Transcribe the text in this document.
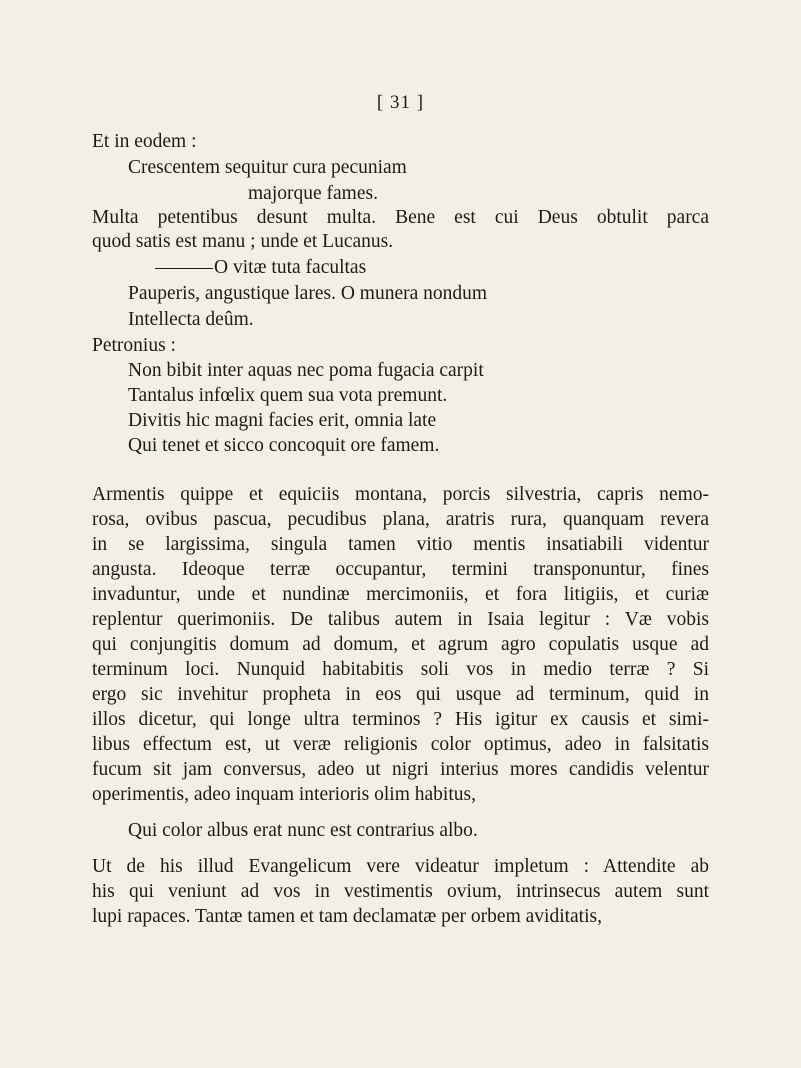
[ 31 ]
Et in eodem :
Crescentem sequitur cura pecuniam
majorque fames.
Multa petentibus desunt multa. Bene est cui Deus obtulit parca
quod satis est manu ; unde et Lucanus.
O vitæ tuta facultas
Pauperis, angustique lares. O munera nondum
Intellecta deûm.
Petronius :
Non bibit inter aquas nec poma fugacia carpit
Tantalus infœlix quem sua vota premunt.
Divitis hic magni facies erit, omnia late
Qui tenet et sicco concoquit ore famem.
Armentis quippe et equiciis montana, porcis silvestria, capris nemo-
rosa, ovibus pascua, pecudibus plana, aratris rura, quanquam revera
in se largissima, singula tamen vitio mentis insatiabili videntur
angusta. Ideoque terræ occupantur, termini transponuntur, fines
invaduntur, unde et nundinæ mercimoniis, et fora litigiis, et curiæ
replentur querimoniis. De talibus autem in Isaia legitur : Væ vobis
qui conjungitis domum ad domum, et agrum agro copulatis usque ad
terminum loci. Nunquid habitabitis soli vos in medio terræ ? Si
ergo sic invehitur propheta in eos qui usque ad terminum, quid in
illos dicetur, qui longe ultra terminos ? His igitur ex causis et simi-
libus effectum est, ut veræ religionis color optimus, adeo in falsitatis
fucum sit jam conversus, adeo ut nigri interius mores candidis velentur
operimentis, adeo inquam interioris olim habitus,
Qui color albus erat nunc est contrarius albo.
Ut de his illud Evangelicum vere videatur impletum : Attendite ab
his qui veniunt ad vos in vestimentis ovium, intrinsecus autem sunt
lupi rapaces. Tantæ tamen et tam declamatæ per orbem aviditatis,
